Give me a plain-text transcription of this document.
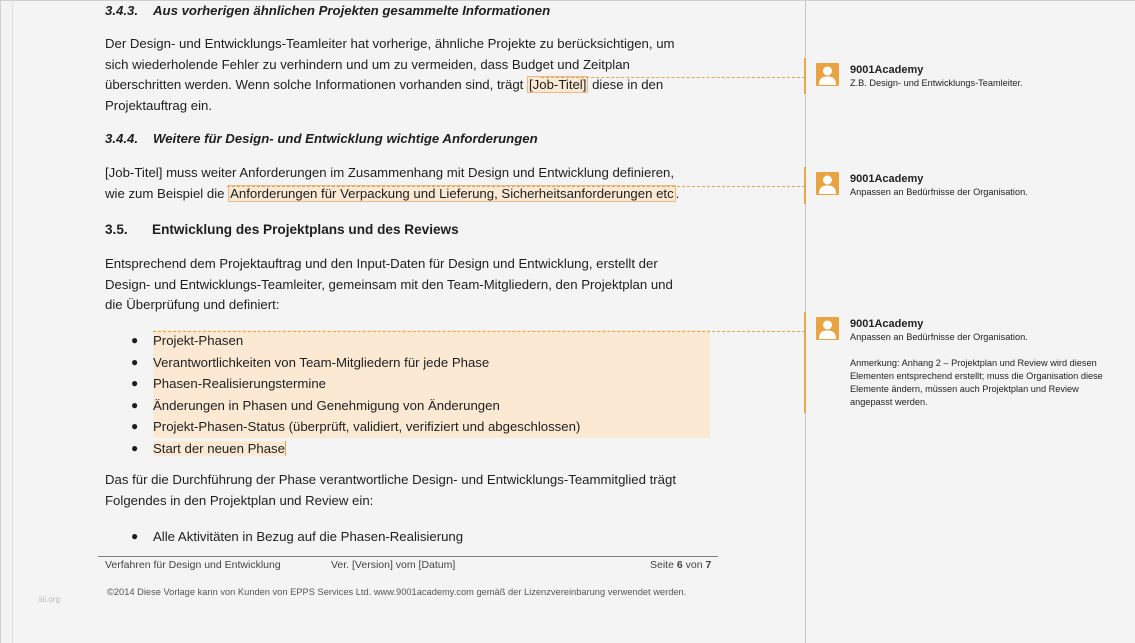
3.4.3. Aus vorherigen ähnlichen Projekten gesammelte Informationen
Der Design- und Entwicklungs-Teamleiter hat vorherige, ähnliche Projekte zu berücksichtigen, um
sich wiederholende Fehler zu verhindern und um zu vermeiden, dass Budget und Zeitplan
überschritten werden. Wenn solche Informationen vorhanden sind, trägt [Job-Titel] diese in den
Projektauftrag ein.
3.4.4. Weitere für Design- und Entwicklung wichtige Anforderungen
[Job-Titel] muss weiter Anforderungen im Zusammenhang mit Design und Entwicklung definieren,
wie zum Beispiel die Anforderungen für Verpackung und Lieferung, Sicherheitsanforderungen etc .
3.5. Entwicklung des Projektplans und des Reviews
Entsprechend dem Projektauftrag und den Input-Daten für Design und Entwicklung, erstellt der
Design- und Entwicklungs-Teamleiter, gemeinsam mit den Team-Mitgliedern, den Projektplan und
die Überprüfung und definiert:
● Projekt-Phasen
● Verantwortlichkeiten von Team-Mitgliedern für jede Phase
● Phasen-Realisierungstermine
● Änderungen in Phasen und Genehmigung von Änderungen
● Projekt-Phasen-Status (überprüft, validiert, verifiziert und abgeschlossen)
● Start der neuen Phase
Das für die Durchführung der Phase verantwortliche Design- und Entwicklungs-Teammitglied trägt
Folgendes in den Projektplan und Review ein:
● Alle Aktivitäten in Bezug auf die Phasen-Realisierung
Verfahren für Design und Entwicklung	Ver. [Version] vom [Datum]	Seite 6 von 7
©2014 Diese Vorlage kann von Kunden von EPPS Services Ltd. www.9001academy.com gemäß der Lizenzvereinbarung verwendet werden.
iiii.org
9001Academy
Z.B. Design- und Entwicklungs-Teamleiter.
9001Academy
Anpassen an Bedürfnisse der Organisation.
9001Academy
Anpassen an Bedürfnisse der Organisation.
Anmerkung: Anhang 2 – Projektplan und Review wird diesen Elementen entsprechend erstellt; muss die Organisation diese Elemente ändern, müssen auch Projektplan und Review angepasst werden.
